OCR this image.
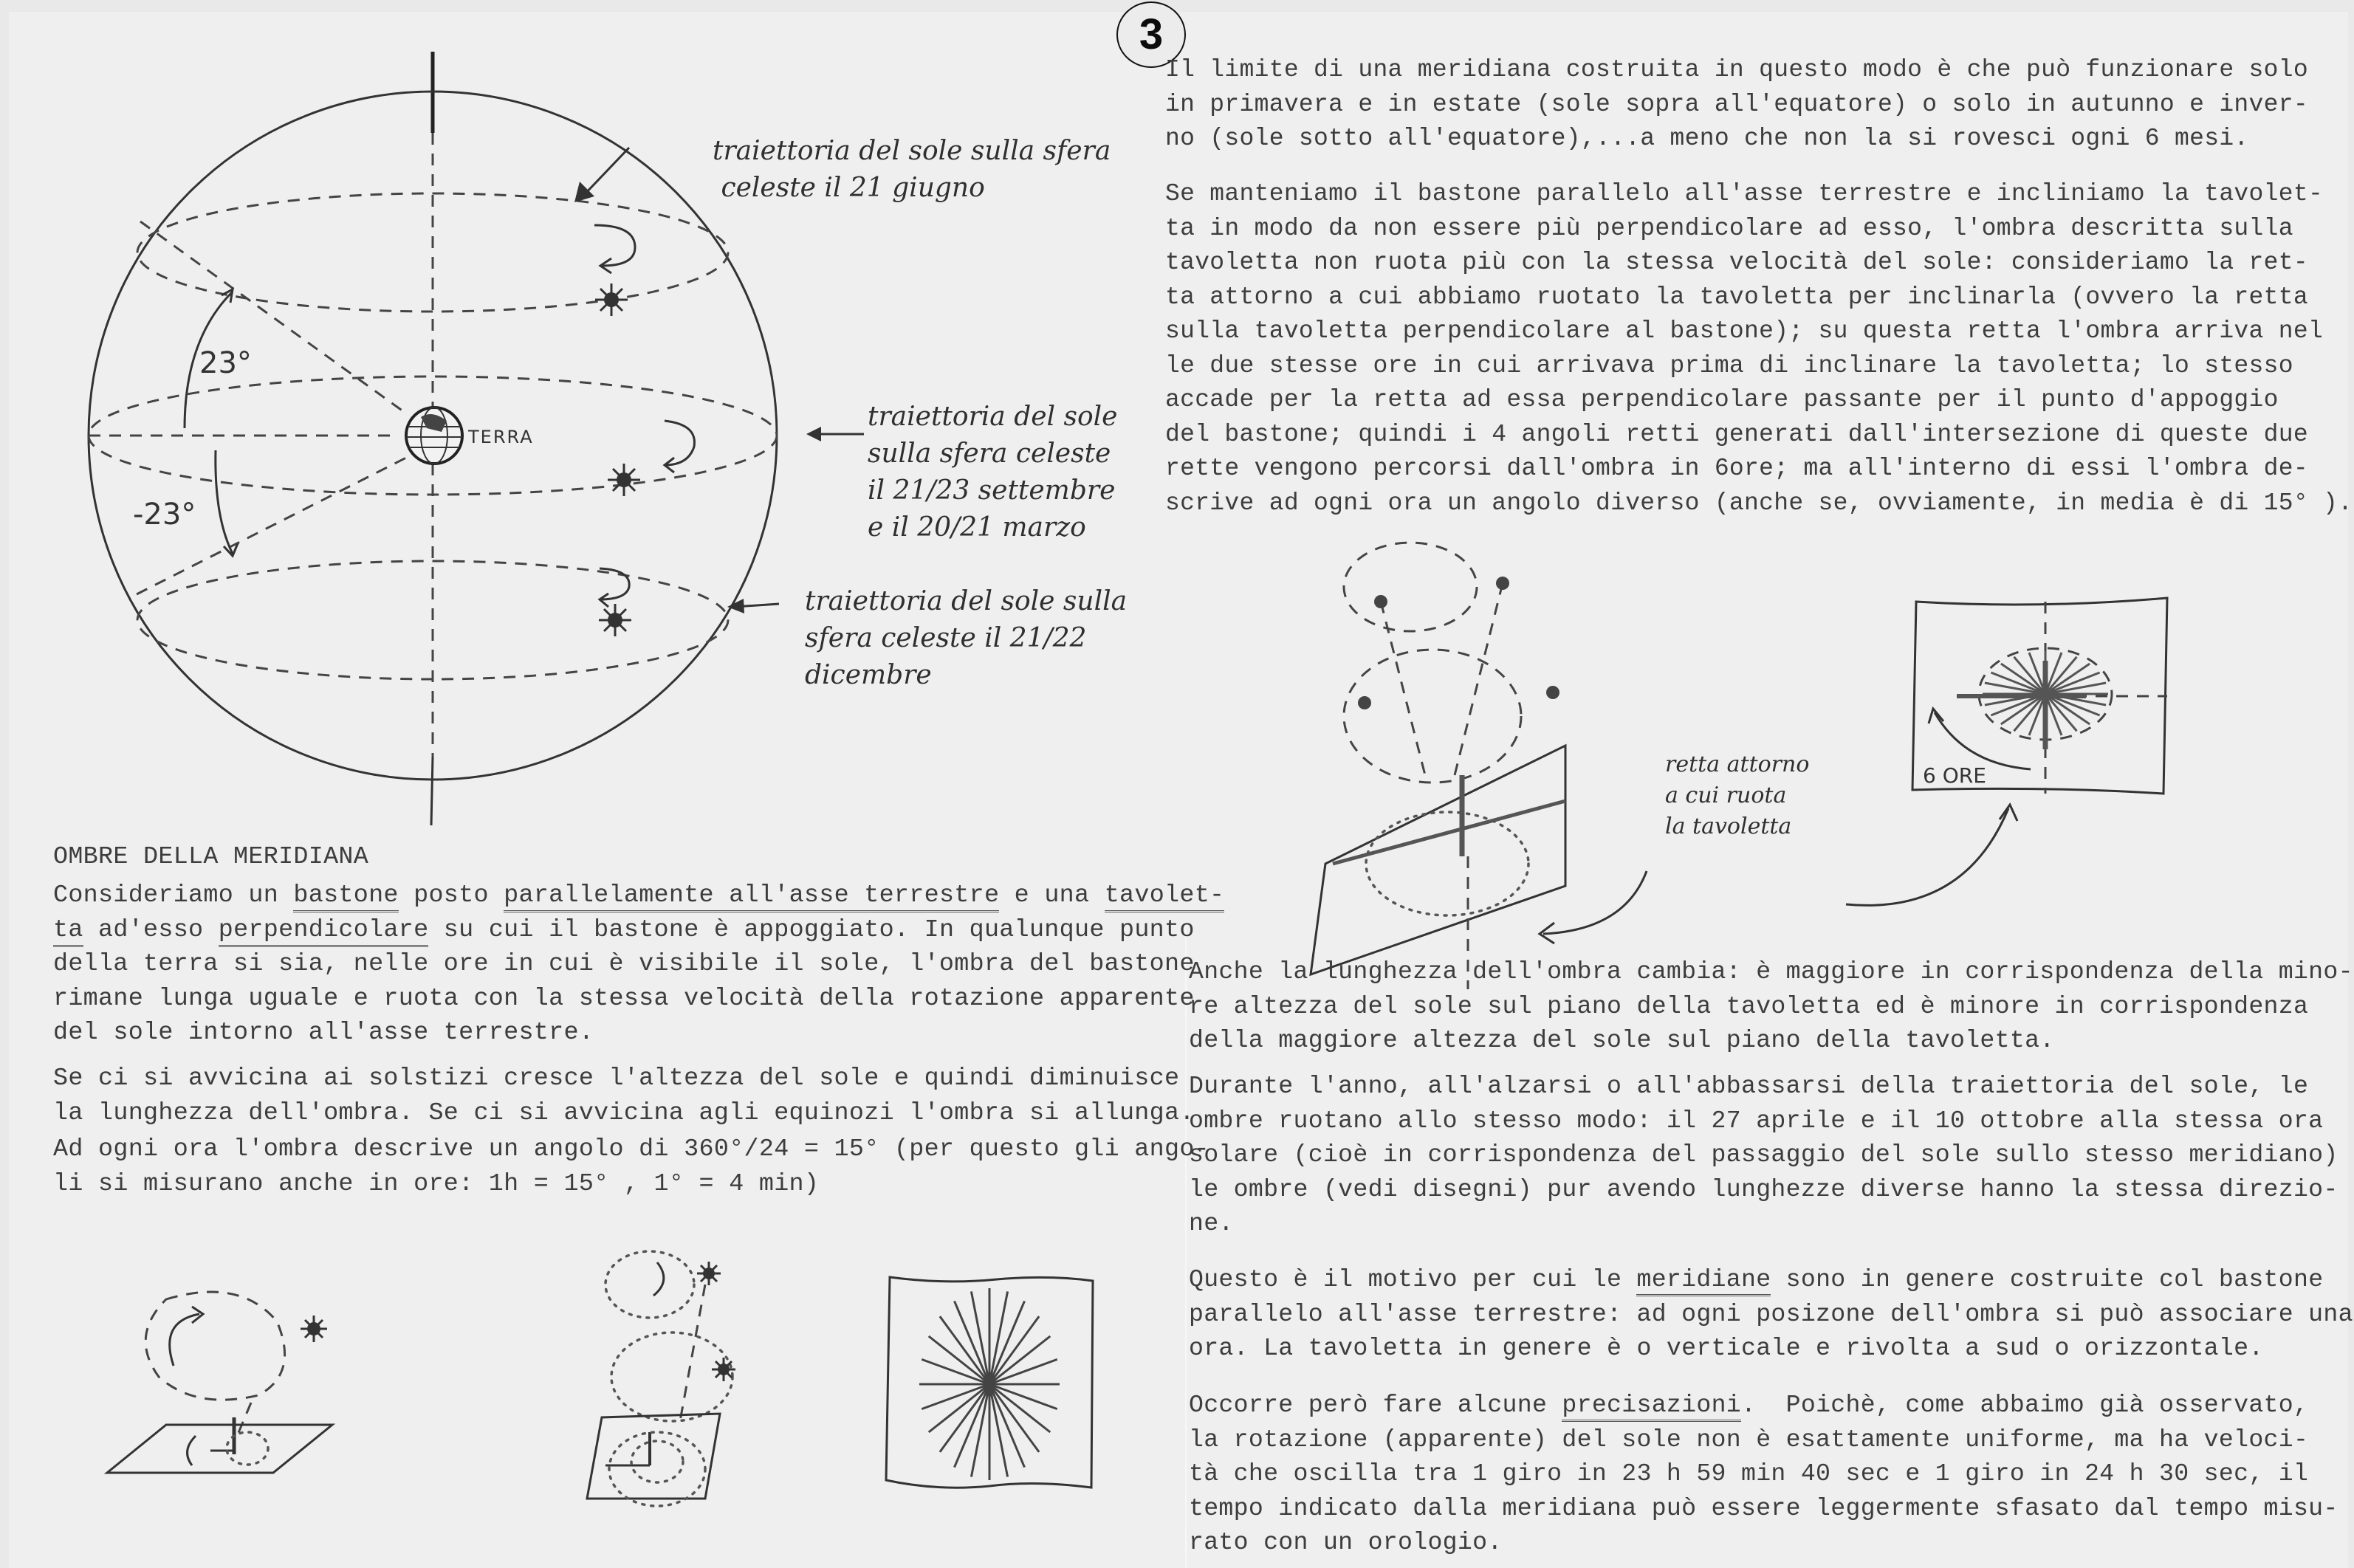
3
23°
-23°
TERRA
traiettoria del sole sulla sfera
celeste il 21 giugno
traiettoria del sole
sulla sfera celeste
il 21/23 settembre
e il 20/21 marzo
traiettoria del sole sulla
sfera celeste il 21/22
dicembre
OMBRE DELLA MERIDIANA
Consideriamo un bastone posto parallelamente all'asse terrestre e una tavolet-
ta ad'esso perpendicolare su cui il bastone è appoggiato. In qualunque punto
della terra si sia, nelle ore in cui è visibile il sole, l'ombra del bastone
rimane lunga uguale e ruota con la stessa velocità della rotazione apparente
del sole intorno all'asse terrestre.
Se ci si avvicina ai solstizi cresce l'altezza del sole e quindi diminuisce
la lunghezza dell'ombra. Se ci si avvicina agli equinozi l'ombra si allunga.
Ad ogni ora l'ombra descrive un angolo di 360°/24 = 15° (per questo gli ango-
li si misurano anche in ore: 1h = 15° , 1° = 4 min)
Il limite di una meridiana costruita in questo modo è che può funzionare solo
in primavera e in estate (sole sopra all'equatore) o solo in autunno e inver-
no (sole sotto all'equatore),...a meno che non la si rovesci ogni 6 mesi.
Se manteniamo il bastone parallelo all'asse terrestre e incliniamo la tavolet-
ta in modo da non essere più perpendicolare ad esso, l'ombra descritta sulla
tavoletta non ruota più con la stessa velocità del sole: consideriamo la ret-
ta attorno a cui abbiamo ruotato la tavoletta per inclinarla (ovvero la retta
sulla tavoletta perpendicolare al bastone); su questa retta l'ombra arriva nel
le due stesse ore in cui arrivava prima di inclinare la tavoletta; lo stesso
accade per la retta ad essa perpendicolare passante per il punto d'appoggio
del bastone; quindi i 4 angoli retti generati dall'intersezione di queste due
rette vengono percorsi dall'ombra in 6ore; ma all'interno di essi l'ombra de-
scrive ad ogni ora un angolo diverso (anche se, ovviamente, in media è di 15° ).
retta attorno
a cui ruota
la tavoletta
6 ORE
Anche la lunghezza dell'ombra cambia: è maggiore in corrispondenza della mino-
re altezza del sole sul piano della tavoletta ed è minore in corrispondenza
della maggiore altezza del sole sul piano della tavoletta.
Durante l'anno, all'alzarsi o all'abbassarsi della traiettoria del sole, le
ombre ruotano allo stesso modo: il 27 aprile e il 10 ottobre alla stessa ora
solare (cioè in corrispondenza del passaggio del sole sullo stesso meridiano)
le ombre (vedi disegni) pur avendo lunghezze diverse hanno la stessa direzio-
ne.
Questo è il motivo per cui le meridiane sono in genere costruite col bastone
parallelo all'asse terrestre: ad ogni posizone dell'ombra si può associare una
ora. La tavoletta in genere è o verticale e rivolta a sud o orizzontale.
Occorre però fare alcune precisazioni.  Poichè, come abbaimo già osservato,
la rotazione (apparente) del sole non è esattamente uniforme, ma ha veloci-
tà che oscilla tra 1 giro in 23 h 59 min 40 sec e 1 giro in 24 h 30 sec, il
tempo indicato dalla meridiana può essere leggermente sfasato dal tempo misu-
rato con un orologio.
